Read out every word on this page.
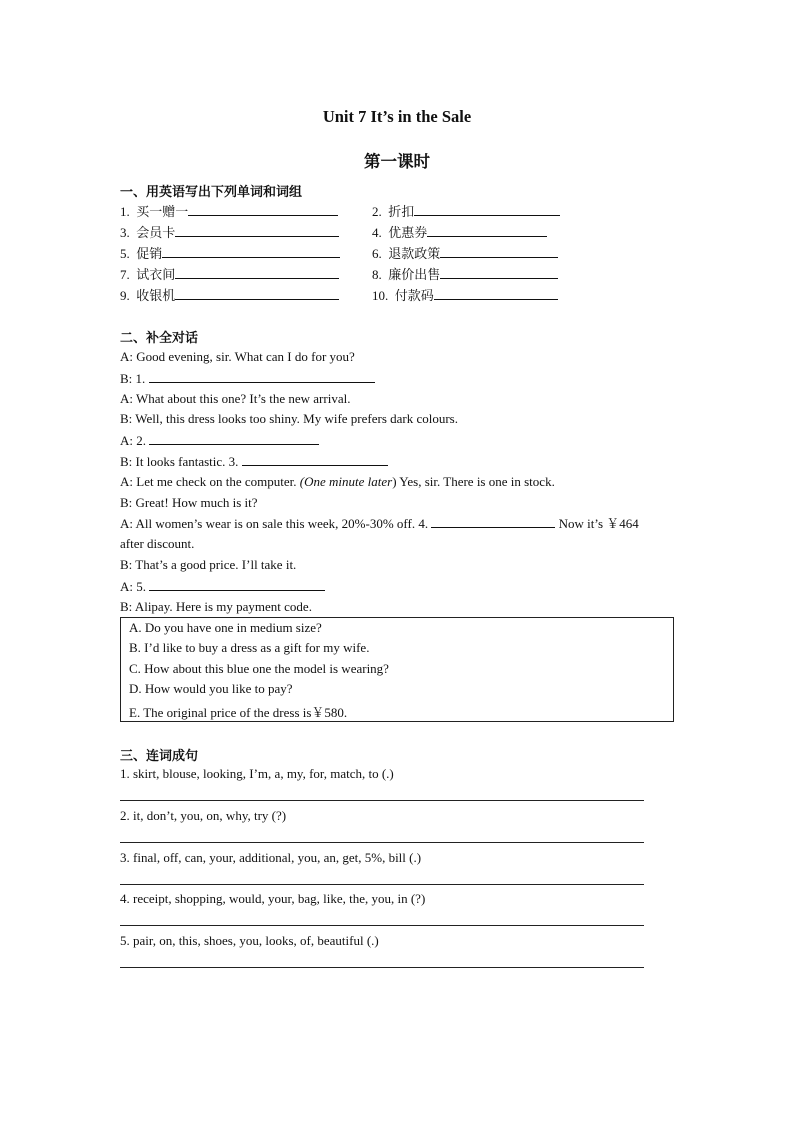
Unit 7 It’s in the Sale
第一课时
一、用英语写出下列单词和词组
1. 买一赠一	2. 折扣
3. 会员卡	4. 优惠券
5. 促销	6. 退款政策
7. 试衣间	8. 廉价出售
9. 收银机	10. 付款码
二、补全对话
A: Good evening, sir. What can I do for you?
B: 1.
A: What about this one? It’s the new arrival.
B: Well, this dress looks too shiny. My wife prefers dark colours.
A: 2.
B: It looks fantastic. 3.
A: Let me check on the computer. (One minute later) Yes, sir. There is one in stock.
B: Great! How much is it?
A: All women’s wear is on sale this week, 20%-30% off. 4.	Now it’s ￥464
after discount.
B: That’s a good price. I’ll take it.
A: 5.
B: Alipay. Here is my payment code.
A. Do you have one in medium size?
B. I’d like to buy a dress as a gift for my wife.
C. How about this blue one the model is wearing?
D. How would you like to pay?
E. The original price of the dress is￥580.
三、连词成句
1. skirt, blouse, looking, I’m, a, my, for, match, to (.)
2. it, don’t, you, on, why, try (?)
3. final, off, can, your, additional, you, an, get, 5%, bill (.)
4. receipt, shopping, would, your, bag, like, the, you, in (?)
5. pair, on, this, shoes, you, looks, of, beautiful (.)
